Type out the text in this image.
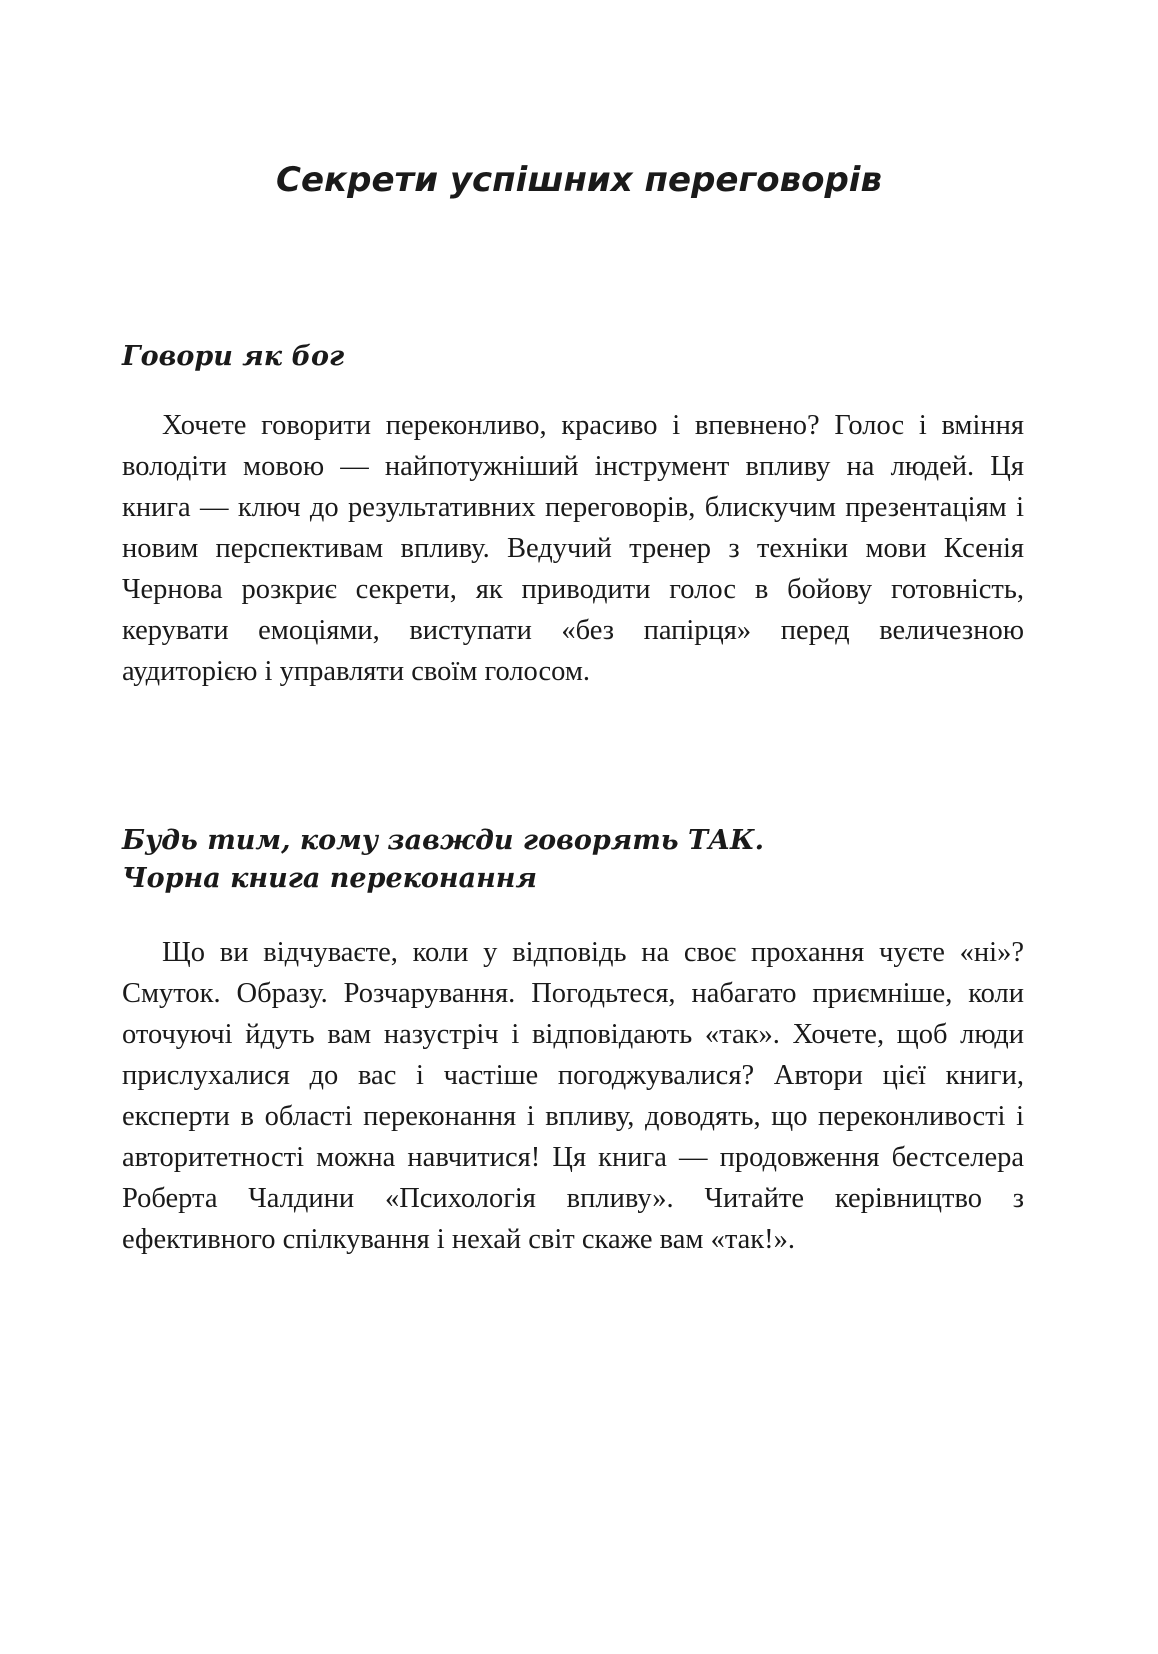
Секрети успішних переговорів
Говори як бог

Хочете говорити переконливо, красиво і впевнено? Голос і вміння володіти мовою — найпотужніший інструмент впливу на людей. Ця книга — ключ до результативних переговорів, блискучим презентаціям і новим перспективам впливу. Ведучий тренер з техніки мови Ксенія Чернова розкриє секрети, як приводити голос в бойову готовність, керувати емоціями, виступати «без папірця» перед величезною аудиторією і управляти своїм голосом.

Будь тим, кому завжди говорять ТАК.
Чорна книга переконання

Що ви відчуваєте, коли у відповідь на своє прохання чуєте «ні»? Смуток. Образу. Розчарування. Погодьтеся, набагато приємніше, коли оточуючі йдуть вам назустріч і відповідають «так». Хочете, щоб люди прислухалися до вас і частіше погоджувалися? Автори цієї книги, експерти в області переконання і впливу, доводять, що переконливості і авторитетності можна навчитися! Ця книга — продовження бестселера Роберта Чалдини «Психологія впливу». Читайте керівництво з ефективного спілкування і нехай світ скаже вам «так!».
